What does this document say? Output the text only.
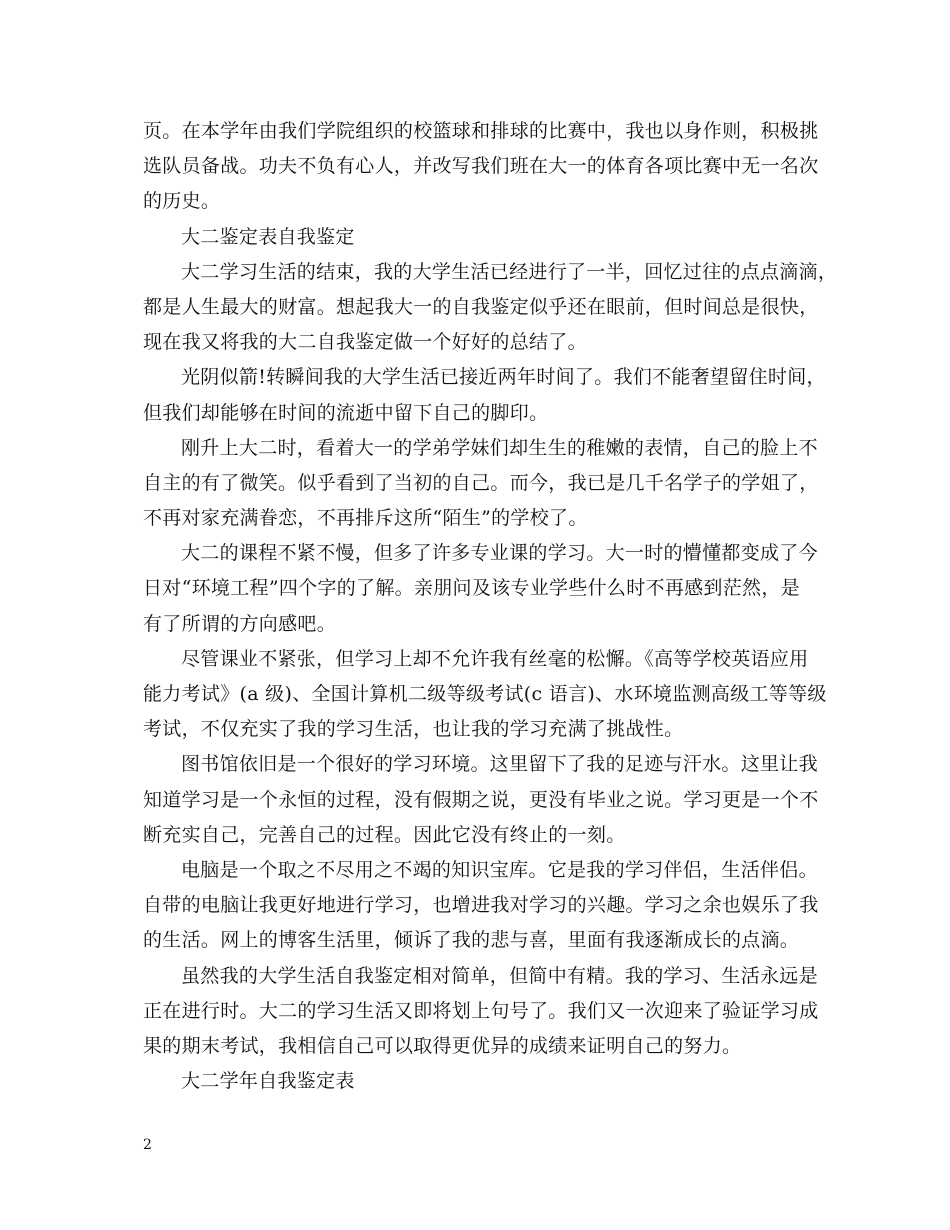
页。在本学年由我们学院组织的校篮球和排球的比赛中，我也以身作则，积极挑
选队员备战。功夫不负有心人，并改写我们班在大一的体育各项比赛中无一名次
的历史。
大二鉴定表自我鉴定
大二学习生活的结束，我的大学生活已经进行了一半，回忆过往的点点滴滴，
都是人生最大的财富。想起我大一的自我鉴定似乎还在眼前，但时间总是很快，
现在我又将我的大二自我鉴定做一个好好的总结了。
光阴似箭!转瞬间我的大学生活已接近两年时间了。我们不能奢望留住时间，
但我们却能够在时间的流逝中留下自己的脚印。
刚升上大二时，看着大一的学弟学妹们却生生的稚嫩的表情，自己的脸上不
自主的有了微笑。似乎看到了当初的自己。而今，我已是几千名学子的学姐了，
不再对家充满眷恋，不再排斥这所“陌生”的学校了。
大二的课程不紧不慢，但多了许多专业课的学习。大一时的懵懂都变成了今
日对“环境工程”四个字的了解。亲朋问及该专业学些什么时不再感到茫然，是
有了所谓的方向感吧。
尽管课业不紧张，但学习上却不允许我有丝毫的松懈。《高等学校英语应用
能力考试》(a 级)、全国计算机二级等级考试(c 语言)、水环境监测高级工等等级
考试，不仅充实了我的学习生活，也让我的学习充满了挑战性。
图书馆依旧是一个很好的学习环境。这里留下了我的足迹与汗水。这里让我
知道学习是一个永恒的过程，没有假期之说，更没有毕业之说。学习更是一个不
断充实自己，完善自己的过程。因此它没有终止的一刻。
电脑是一个取之不尽用之不竭的知识宝库。它是我的学习伴侣，生活伴侣。
自带的电脑让我更好地进行学习，也增进我对学习的兴趣。学习之余也娱乐了我
的生活。网上的博客生活里，倾诉了我的悲与喜，里面有我逐渐成长的点滴。
虽然我的大学生活自我鉴定相对简单，但简中有精。我的学习、生活永远是
正在进行时。大二的学习生活又即将划上句号了。我们又一次迎来了验证学习成
果的期末考试，我相信自己可以取得更优异的成绩来证明自己的努力。
大二学年自我鉴定表
2
